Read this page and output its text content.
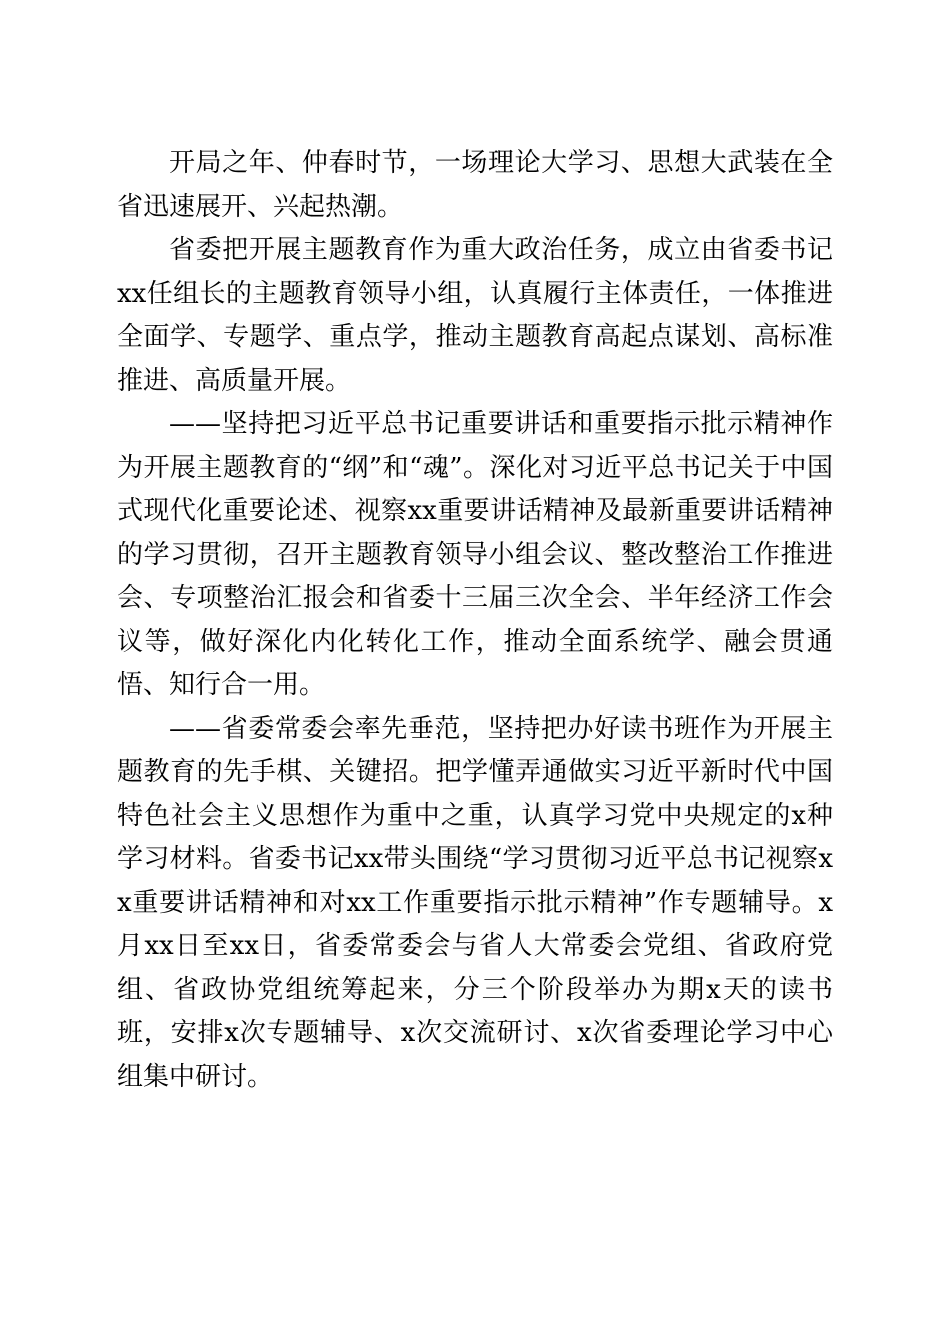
开局之年、仲春时节，一场理论大学习、思想大武装在全省迅速展开、兴起热潮。

省委把开展主题教育作为重大政治任务，成立由省委书记xx任组长的主题教育领导小组，认真履行主体责任，一体推进全面学、专题学、重点学，推动主题教育高起点谋划、高标准推进、高质量开展。

——坚持把习近平总书记重要讲话和重要指示批示精神作为开展主题教育的“纲”和“魂”。深化对习近平总书记关于中国式现代化重要论述、视察xx重要讲话精神及最新重要讲话精神的学习贯彻，召开主题教育领导小组会议、整改整治工作推进会、专项整治汇报会和省委十三届三次全会、半年经济工作会议等，做好深化内化转化工作，推动全面系统学、融会贯通悟、知行合一用。

——省委常委会率先垂范，坚持把办好读书班作为开展主题教育的先手棋、关键招。把学懂弄通做实习近平新时代中国特色社会主义思想作为重中之重，认真学习党中央规定的x种学习材料。省委书记xx带头围绕“学习贯彻习近平总书记视察xx重要讲话精神和对xx工作重要指示批示精神”作专题辅导。x月xx日至xx日，省委常委会与省人大常委会党组、省政府党组、省政协党组统筹起来，分三个阶段举办为期x天的读书班，安排x次专题辅导、x次交流研讨、x次省委理论学习中心组集中研讨。
